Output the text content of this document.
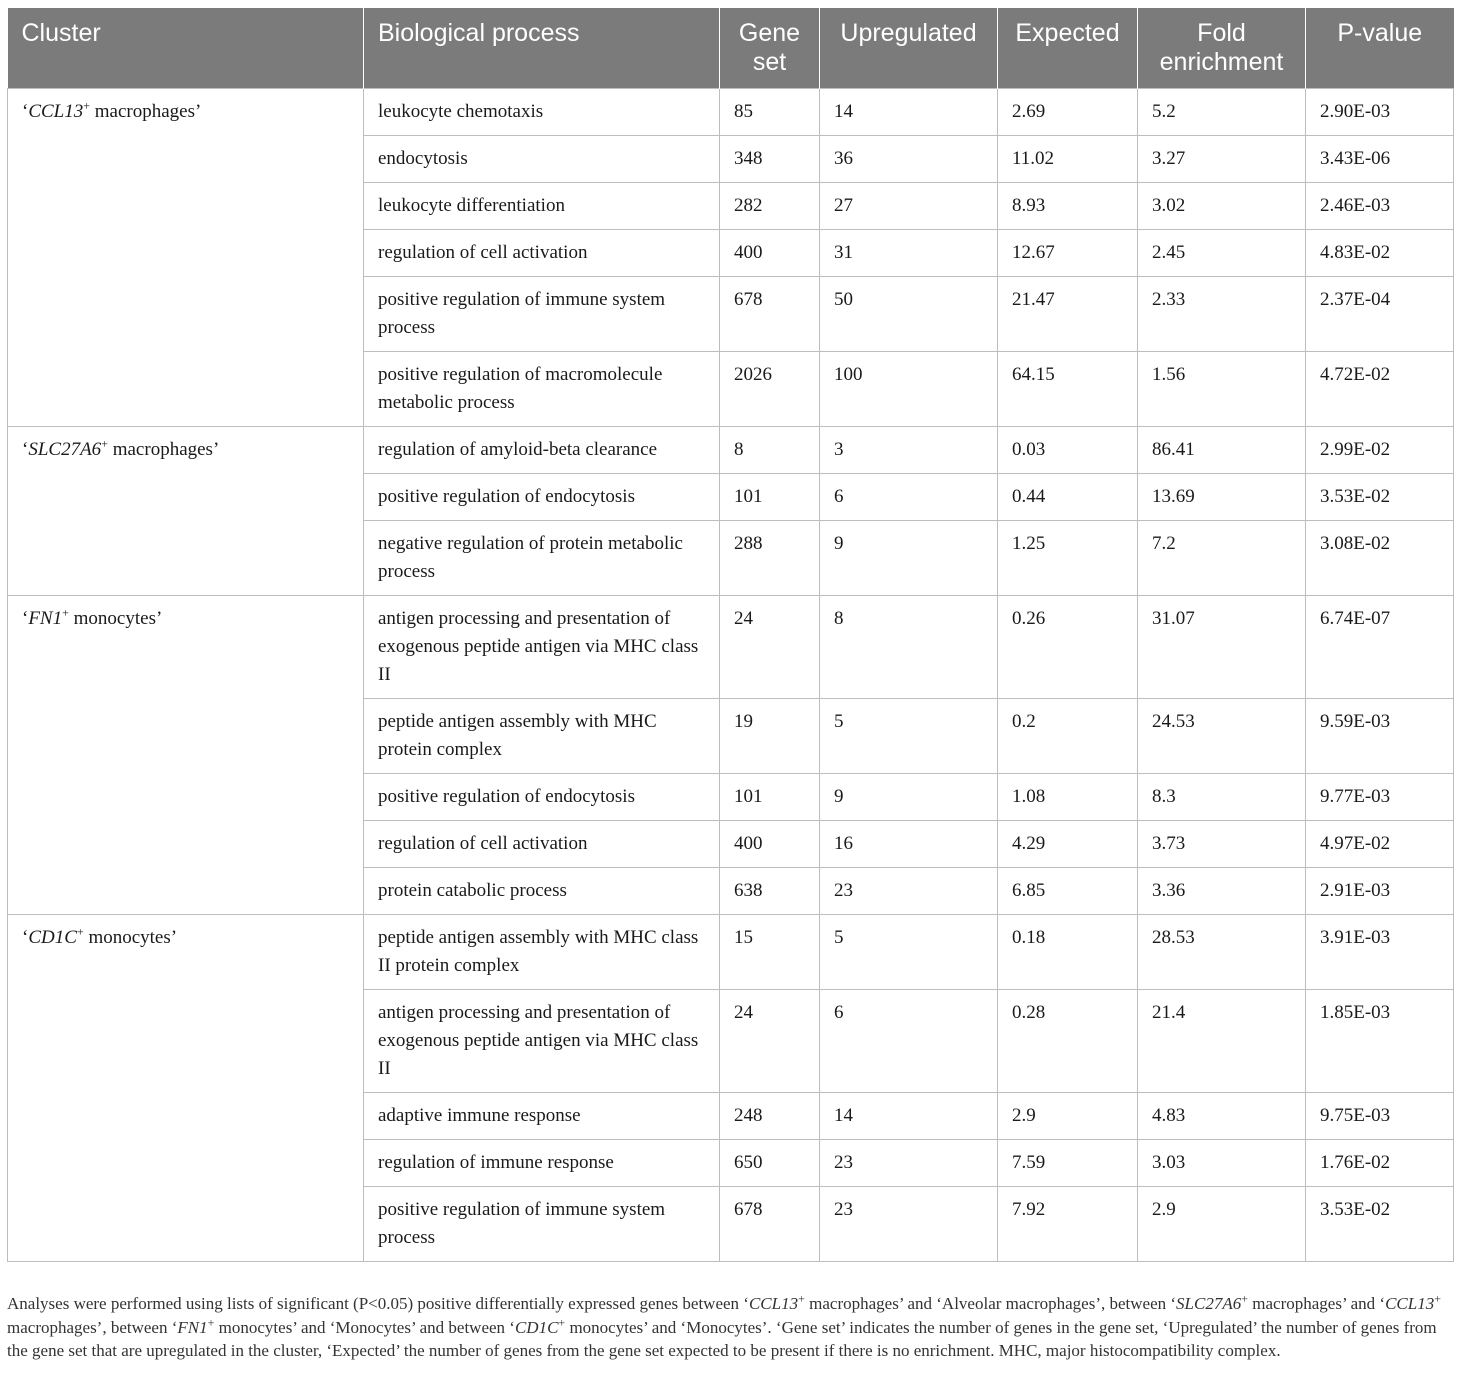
Cluster	Biological process	Gene set	Upregulated	Expected	Fold enrichment	P-value
‘CCL13+ macrophages’	leukocyte chemotaxis	85	14	2.69	5.2	2.90E-03
	endocytosis	348	36	11.02	3.27	3.43E-06
	leukocyte differentiation	282	27	8.93	3.02	2.46E-03
	regulation of cell activation	400	31	12.67	2.45	4.83E-02
	positive regulation of immune system process	678	50	21.47	2.33	2.37E-04
	positive regulation of macromolecule metabolic process	2026	100	64.15	1.56	4.72E-02
‘SLC27A6+ macrophages’	regulation of amyloid-beta clearance	8	3	0.03	86.41	2.99E-02
	positive regulation of endocytosis	101	6	0.44	13.69	3.53E-02
	negative regulation of protein metabolic process	288	9	1.25	7.2	3.08E-02
‘FN1+ monocytes’	antigen processing and presentation of exogenous peptide antigen via MHC class II	24	8	0.26	31.07	6.74E-07
	peptide antigen assembly with MHC protein complex	19	5	0.2	24.53	9.59E-03
	positive regulation of endocytosis	101	9	1.08	8.3	9.77E-03
	regulation of cell activation	400	16	4.29	3.73	4.97E-02
	protein catabolic process	638	23	6.85	3.36	2.91E-03
‘CD1C+ monocytes’	peptide antigen assembly with MHC class II protein complex	15	5	0.18	28.53	3.91E-03
	antigen processing and presentation of exogenous peptide antigen via MHC class II	24	6	0.28	21.4	1.85E-03
	adaptive immune response	248	14	2.9	4.83	9.75E-03
	regulation of immune response	650	23	7.59	3.03	1.76E-02
	positive regulation of immune system process	678	23	7.92	2.9	3.53E-02
Analyses were performed using lists of significant (P<0.05) positive differentially expressed genes between ‘CCL13+ macrophages’ and ‘Alveolar macrophages’, between ‘SLC27A6+ macrophages’ and ‘CCL13+ macrophages’, between ‘FN1+ monocytes’ and ‘Monocytes’ and between ‘CD1C+ monocytes’ and ‘Monocytes’. ‘Gene set’ indicates the number of genes in the gene set, ‘Upregulated’ the number of genes from the gene set that are upregulated in the cluster, ‘Expected’ the number of genes from the gene set expected to be present if there is no enrichment. MHC, major histocompatibility complex.
